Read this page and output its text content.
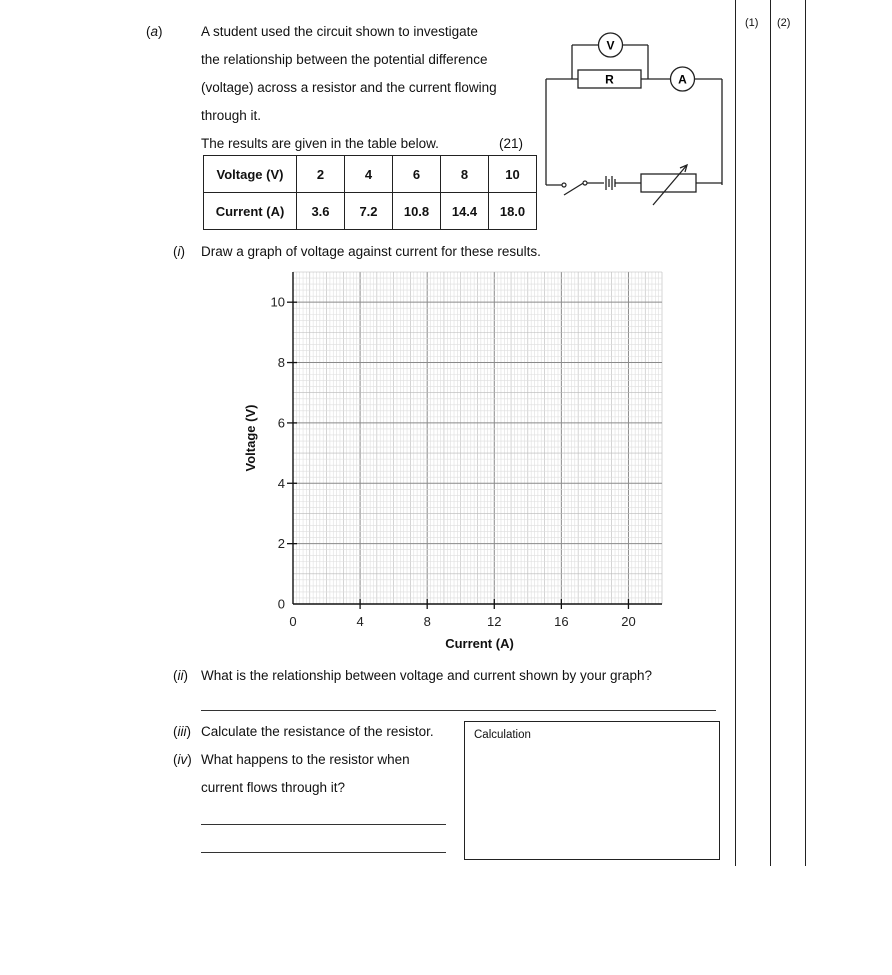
(a)	A student used the circuit shown to investigate
the relationship between the potential difference
(voltage) across a resistor and the current flowing
through it.
The results are given in the table below.	(21)
Voltage (V)	2	4	6	8	10
Current (A)	3.6	7.2	10.8	14.4	18.0
V
R	A
(1) (2)
(i) Draw a graph of voltage against current for these results.
0	4	8	12	16	20
0
2
4
6
8
10
Current (A)
Voltage (V)
(ii) What is the relationship between voltage and current shown by your graph?
(iii) Calculate the resistance of the resistor.
(iv) What happens to the resistor when
current flows through it?
Calculation
